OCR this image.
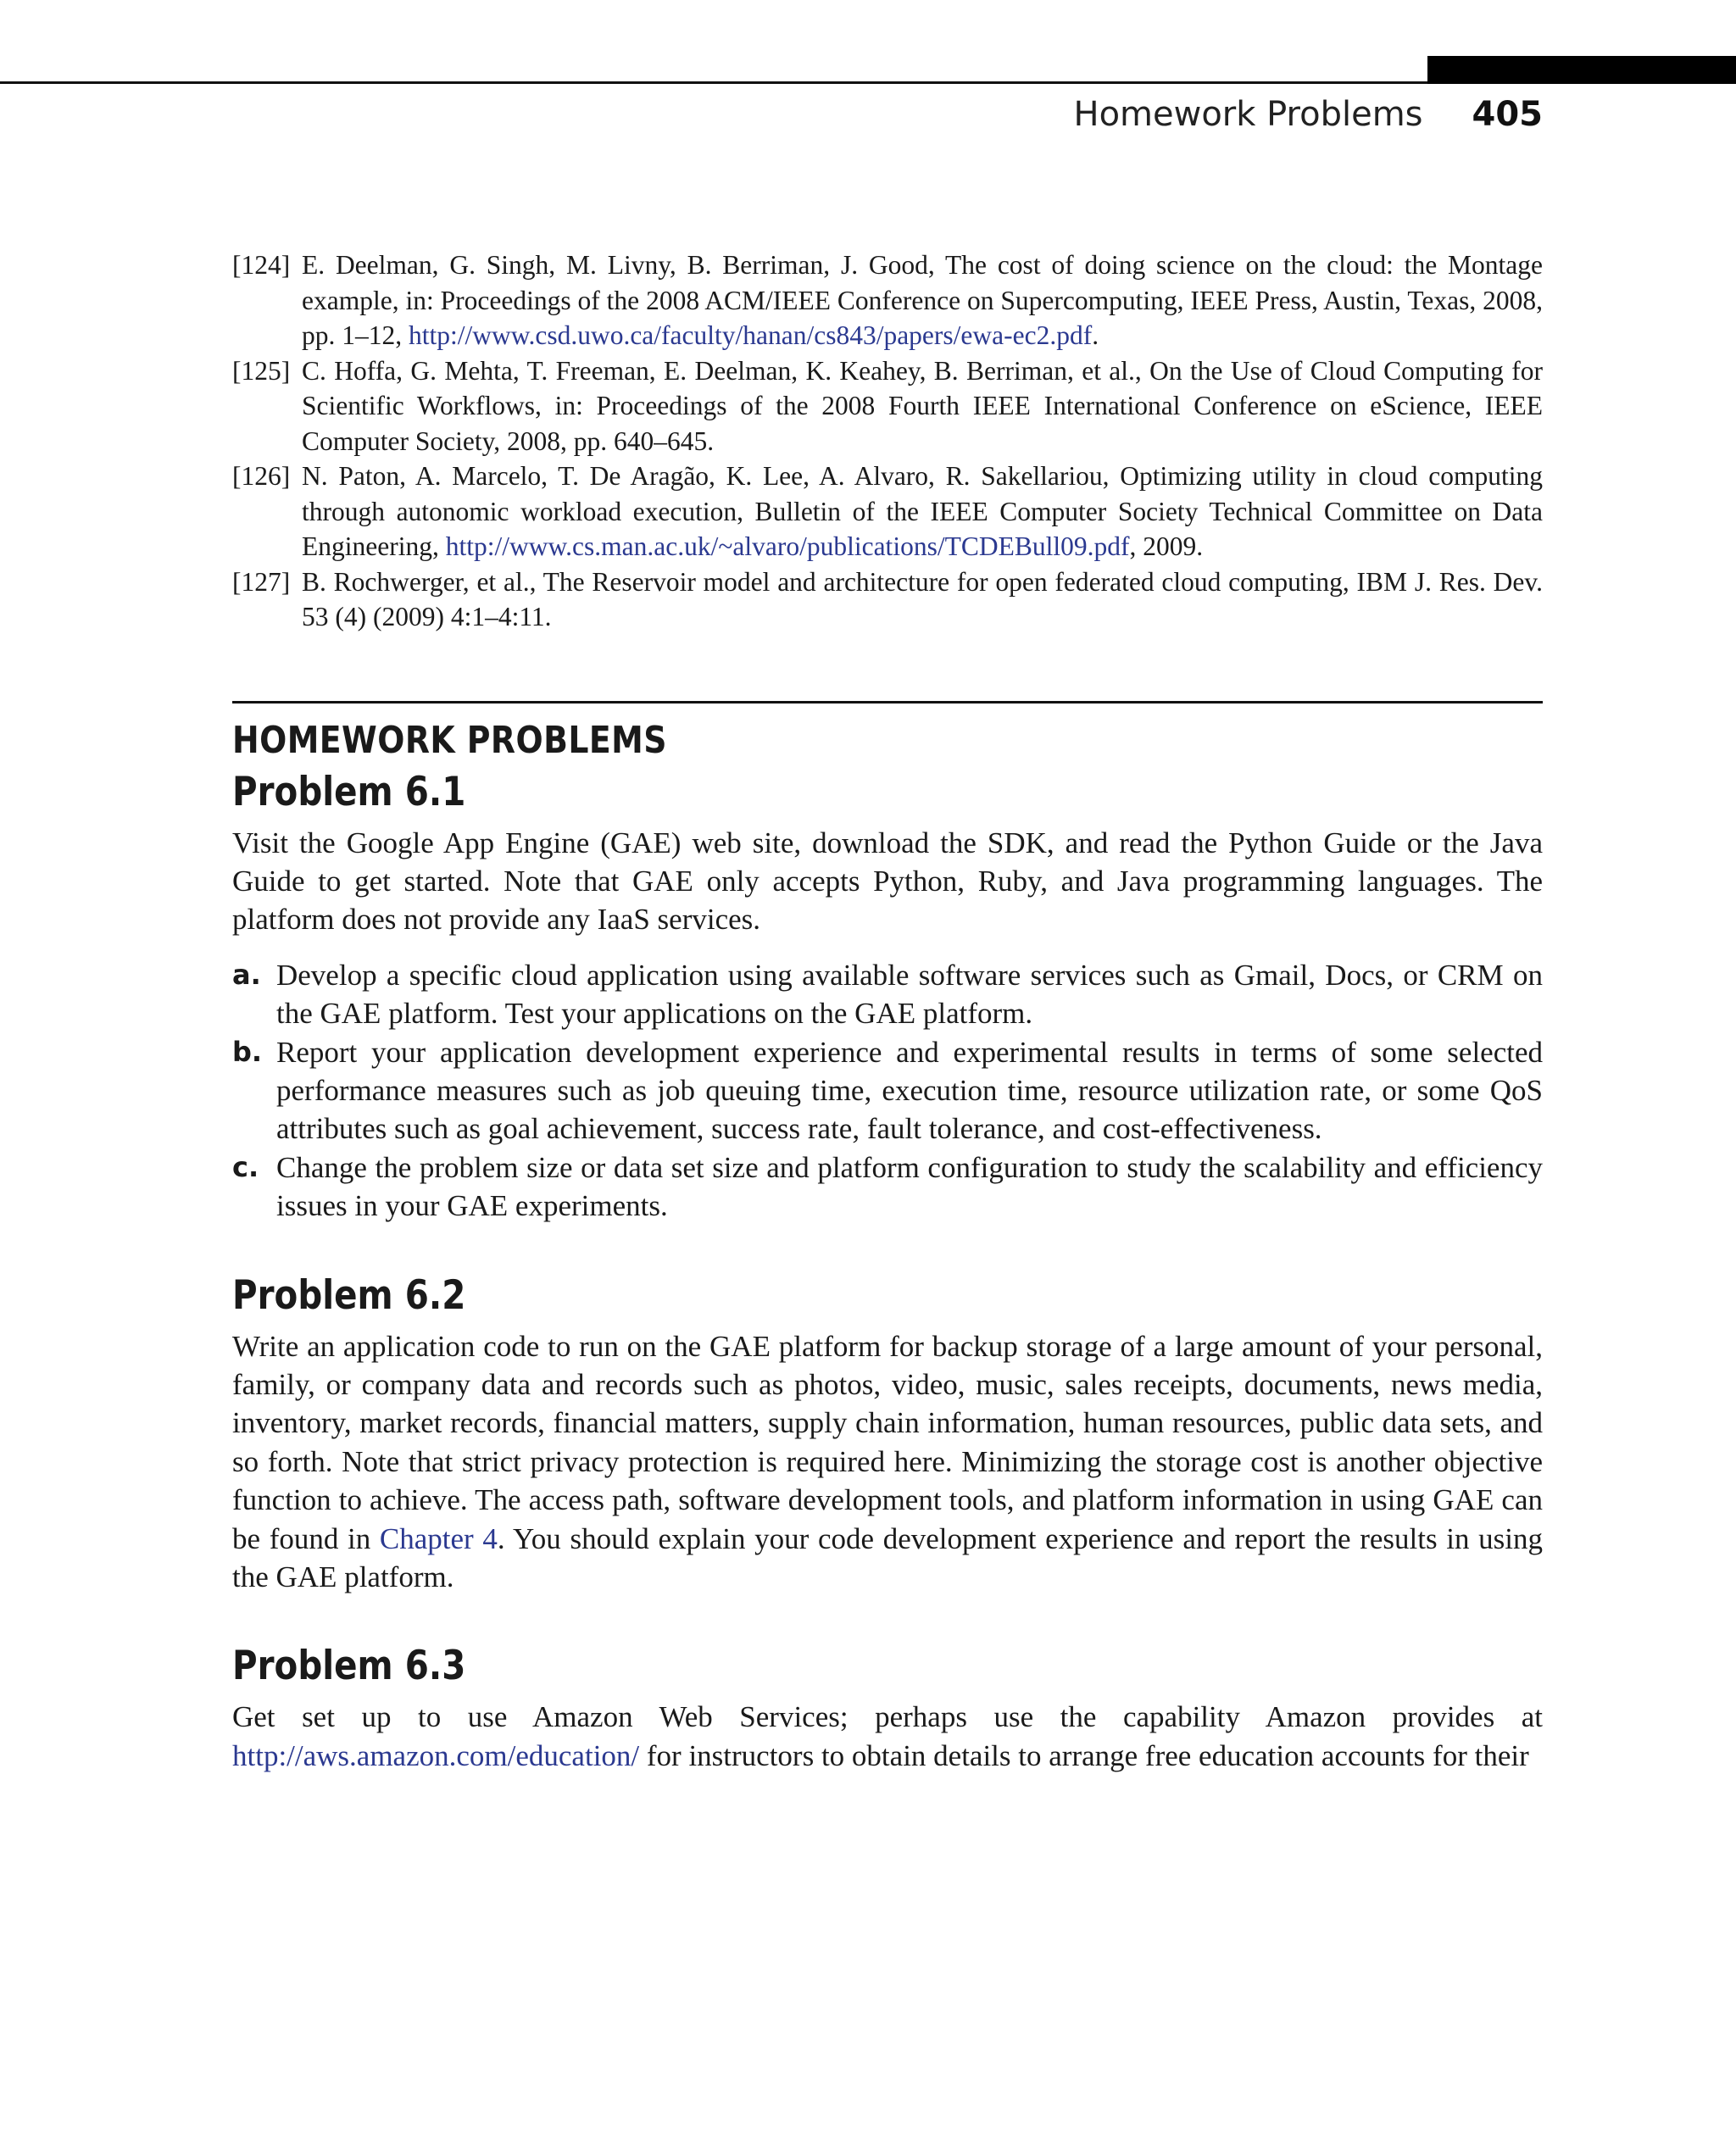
Homework Problems 405
[124] E. Deelman, G. Singh, M. Livny, B. Berriman, J. Good, The cost of doing science on the cloud: the Montage example, in: Proceedings of the 2008 ACM/IEEE Conference on Supercomputing, IEEE Press, Austin, Texas, 2008, pp. 1–12, http://www.csd.uwo.ca/faculty/hanan/cs843/papers/ewa-ec2.pdf.
[125] C. Hoffa, G. Mehta, T. Freeman, E. Deelman, K. Keahey, B. Berriman, et al., On the Use of Cloud Computing for Scientific Workflows, in: Proceedings of the 2008 Fourth IEEE International Conference on eScience, IEEE Computer Society, 2008, pp. 640–645.
[126] N. Paton, A. Marcelo, T. De Aragão, K. Lee, A. Alvaro, R. Sakellariou, Optimizing utility in cloud computing through autonomic workload execution, Bulletin of the IEEE Computer Society Technical Committee on Data Engineering, http://www.cs.man.ac.uk/~alvaro/publications/TCDEBull09.pdf, 2009.
[127] B. Rochwerger, et al., The Reservoir model and architecture for open federated cloud computing, IBM J. Res. Dev. 53 (4) (2009) 4:1–4:11.
HOMEWORK PROBLEMS
Problem 6.1

Visit the Google App Engine (GAE) web site, download the SDK, and read the Python Guide or the Java Guide to get started. Note that GAE only accepts Python, Ruby, and Java programming languages. The platform does not provide any IaaS services.

a. Develop a specific cloud application using available software services such as Gmail, Docs, or CRM on the GAE platform. Test your applications on the GAE platform.
b. Report your application development experience and experimental results in terms of some selected performance measures such as job queuing time, execution time, resource utilization rate, or some QoS attributes such as goal achievement, success rate, fault tolerance, and cost-effectiveness.
c. Change the problem size or data set size and platform configuration to study the scalability and efficiency issues in your GAE experiments.
Problem 6.2

Write an application code to run on the GAE platform for backup storage of a large amount of your personal, family, or company data and records such as photos, video, music, sales receipts, documents, news media, inventory, market records, financial matters, supply chain information, human resources, public data sets, and so forth. Note that strict privacy protection is required here. Minimizing the storage cost is another objective function to achieve. The access path, software development tools, and platform information in using GAE can be found in Chapter 4. You should explain your code development experience and report the results in using the GAE platform.

Problem 6.3

Get set up to use Amazon Web Services; perhaps use the capability Amazon provides at http://aws.amazon.com/education/ for instructors to obtain details to arrange free education accounts for their
